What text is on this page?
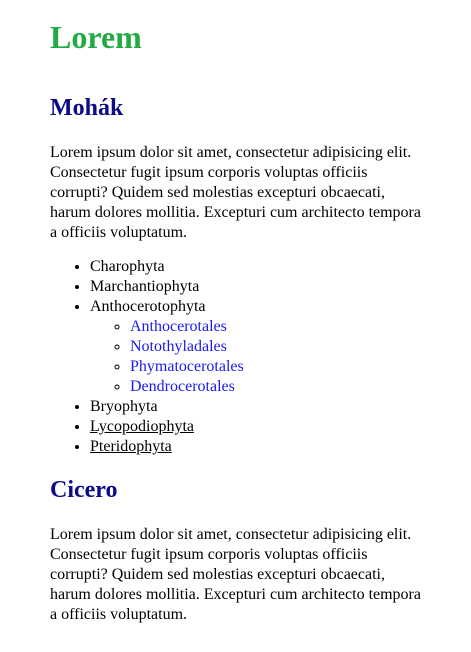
Lorem
Mohák

Lorem ipsum dolor sit amet, consectetur adipisicing elit. Consectetur fugit ipsum corporis voluptas officiis corrupti? Quidem sed molestias excepturi obcaecati, harum dolores mollitia. Excepturi cum architecto tempora a officiis voluptatum.

• Charophyta
• Marchantiophyta
• Anthocerotophyta
◦ Anthocerotales
◦ Notothyladales
◦ Phymatocerotales
◦ Dendrocerotales
• Bryophyta
• Lycopodiophyta
• Pteridophyta
Cicero

Lorem ipsum dolor sit amet, consectetur adipisicing elit. Consectetur fugit ipsum corporis voluptas officiis corrupti? Quidem sed molestias excepturi obcaecati, harum dolores mollitia. Excepturi cum architecto tempora a officiis voluptatum.
